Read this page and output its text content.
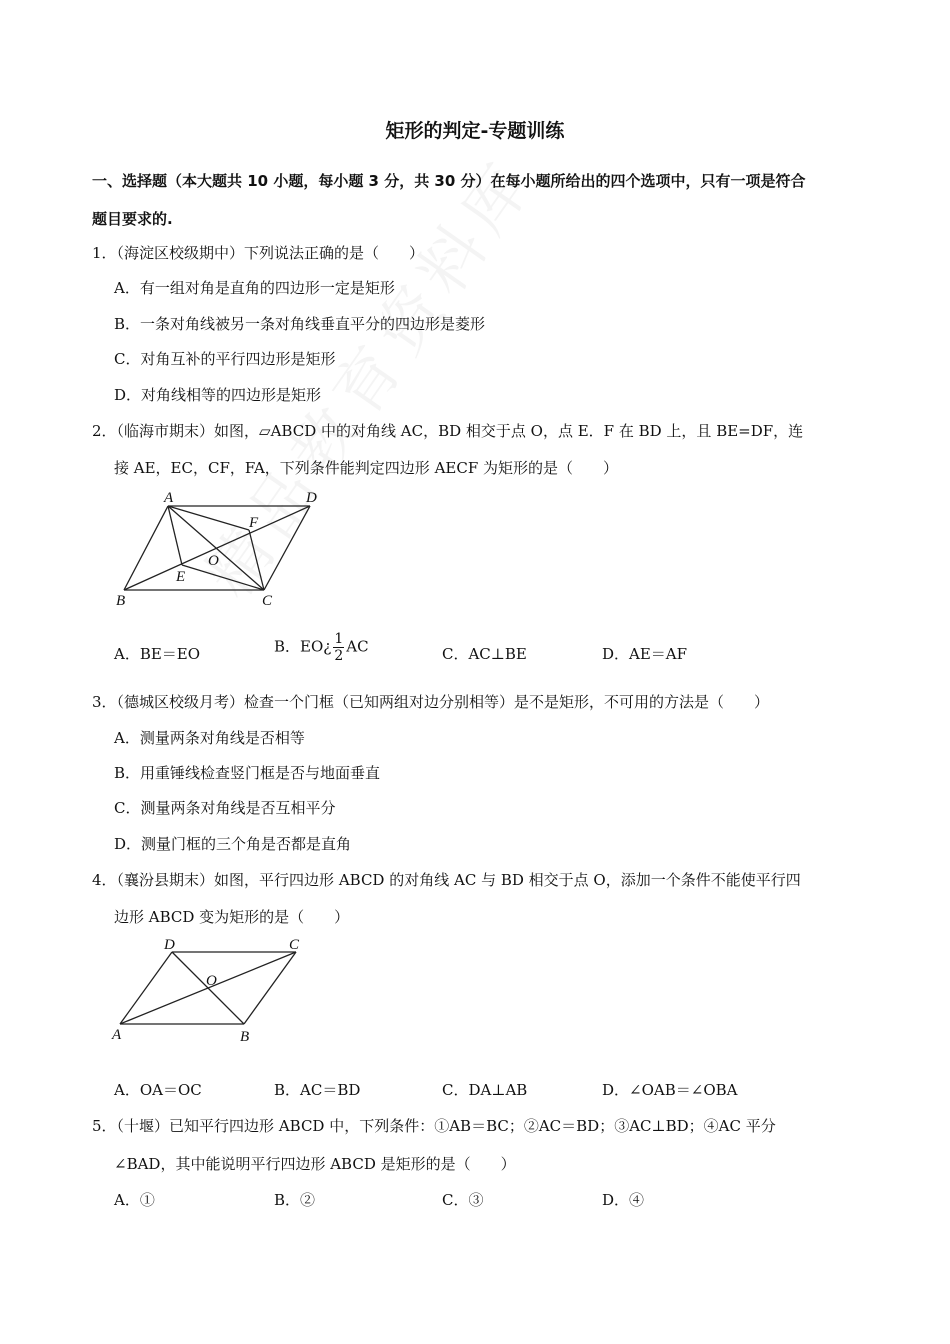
矩形的判定-专题训练
一、选择题（本大题共 10 小题，每小题 3 分，共 30 分）在每小题所给出的四个选项中，只有一项是符合
题目要求的.
1．（海淀区校级期中）下列说法正确的是（　　）
A．有一组对角是直角的四边形一定是矩形
B．一条对角线被另一条对角线垂直平分的四边形是菱形
C．对角互补的平行四边形是矩形
D．对角线相等的四边形是矩形
2．（临海市期末）如图，▱ABCD 中的对角线 AC，BD 相交于点 O，点 E．F 在 BD 上，且 BE=DF，连
接 AE，EC，CF，FA，下列条件能判定四边形 AECF 为矩形的是（　　）
A	D
F
O
E
B	C
A．BE＝EO	B．EO¿ $\frac{1}{2}$ AC	C．AC⊥BE	D．AE＝AF
3．（德城区校级月考）检查一个门框（已知两组对边分别相等）是不是矩形，不可用的方法是（　　）
A．测量两条对角线是否相等
B．用重锤线检查竖门框是否与地面垂直
C．测量两条对角线是否互相平分
D．测量门框的三个角是否都是直角
4．（襄汾县期末）如图，平行四边形 ABCD 的对角线 AC 与 BD 相交于点 O，添加一个条件不能使平行四
边形 ABCD 变为矩形的是（　　）
D	C
O
A	B
A．OA＝OC	B．AC＝BD	C．DA⊥AB	D．∠OAB＝∠OBA
5．（十堰）已知平行四边形 ABCD 中，下列条件：①AB＝BC；②AC＝BD；③AC⊥BD；④AC 平分
∠BAD，其中能说明平行四边形 ABCD 是矩形的是（　　）
A．①	B．②	C．③	D．④
